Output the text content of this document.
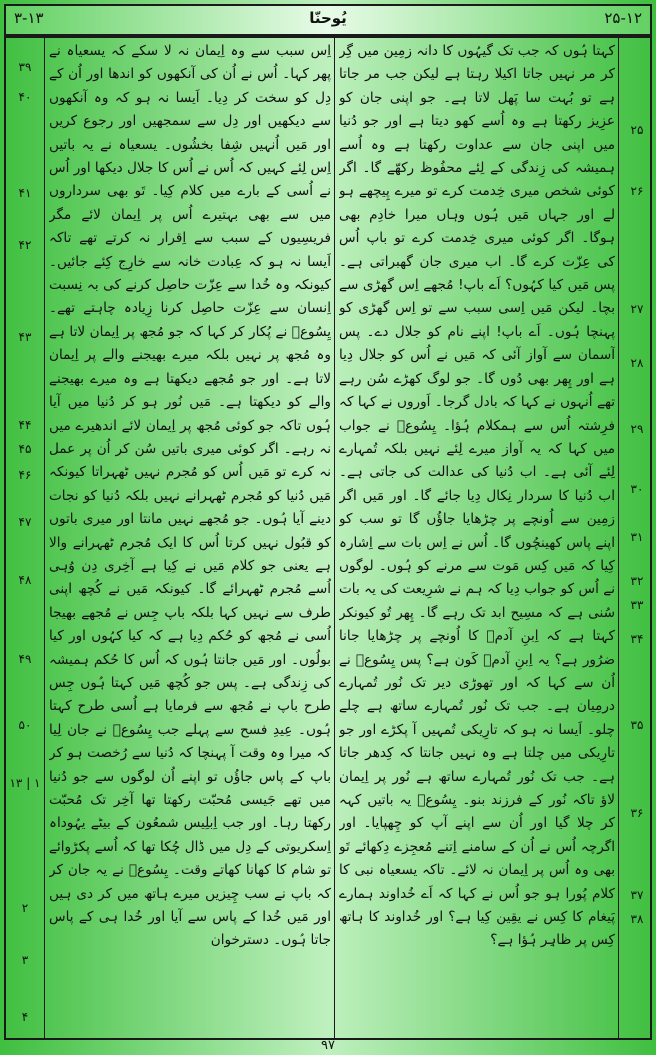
۳-۱۳	یُوحنّا	۲۵-۱۲
۳۹
۴۰
۴۱
۴۲
۴۳
۴۴
۴۵
۴۶
۴۷
۴۸
۴۹
۵۰
۱۳ | ۱
۲
۳
۴

اِس سبب سے وہ اِیمان نہ لا سکے کہ یسعیاہ نے پھر کہا۔ اُس نے اُن کی آنکھوں کو اندھا اور اُن کے دِل کو سخت کر دِیا۔ اَیسا نہ ہو کہ وہ آنکھوں سے دیکھیں اور دِل سے سمجھیں اور رجوع کریں اور مَیں اُنہیں شِفا بخشُوں۔ یسعیاہ نے یہ باتیں اِس لِئے کہیں کہ اُس نے اُس کا جلال دیکھا اور اُس نے اُسی کے بارے میں کلام کِیا۔ تَو بھی سرداروں میں سے بھی بہتیرے اُس پر اِیمان لائے مگر فریسِیوں کے سبب سے اِقرار نہ کرتے تھے تاکہ اَیسا نہ ہو کہ عِبادت خانہ سے خارِج کِئے جائیں۔ کیونکہ وہ خُدا سے عِزّت حاصِل کرنے کی بہ نِسبت اِنسان سے عِزّت حاصِل کرنا زِیادہ چاہتے تھے۔ یِسُوعؔ نے پُکار کر کہا کہ جو مُجھ پر اِیمان لاتا ہے وہ مُجھ پر نہیں بلکہ میرے بھیجنے والے پر اِیمان لاتا ہے۔ اور جو مُجھے دیکھتا ہے وہ میرے بھیجنے والے کو دیکھتا ہے۔ مَیں نُور ہو کر دُنیا میں آیا ہُوں تاکہ جو کوئی مُجھ پر اِیمان لائے اندھیرے میں نہ رہے۔ اگر کوئی میری باتیں سُن کر اُن پر عمل نہ کرے تو مَیں اُس کو مُجرم نہیں ٹھہراتا کیونکہ مَیں دُنیا کو مُجرم ٹھہرانے نہیں بلکہ دُنیا کو نجات دینے آیا ہُوں۔ جو مُجھے نہیں مانتا اور میری باتوں کو قبُول نہیں کرتا اُس کا ایک مُجرم ٹھہرانے والا ہے یعنی جو کلام مَیں نے کِیا ہے آخِری دِن وُہی اُسے مُجرم ٹھہرائے گا۔ کیونکہ مَیں نے کُچھ اپنی طرف سے نہیں کہا بلکہ باپ جِس نے مُجھے بھیجا اُسی نے مُجھ کو حُکم دِیا ہے کہ کیا کہُوں اور کیا بولُوں۔ اور مَیں جانتا ہُوں کہ اُس کا حُکم ہمیشہ کی زِندگی ہے۔ پس جو کُچھ مَیں کہتا ہُوں جِس طرح باپ نے مُجھ سے فرمایا ہے اُسی طرح کہتا ہُوں۔ عِیدِ فسح سے پہلے جب یِسُوعؔ نے جان لِیا کہ میرا وہ وقت آ پہنچا کہ دُنیا سے رُخصت ہو کر باپ کے پاس جاؤُں تو اپنے اُن لوگوں سے جو دُنیا میں تھے جَیسی مُحبّت رکھتا تھا آخِر تک مُحبّت رکھتا رہا۔ اور جب اِبلِیس شمعُون کے بیٹے یہُوداہ اِسکریوتی کے دِل میں ڈال چُکا تھا کہ اُسے پکڑوائے تو شام کا کھانا کھاتے وقت۔ یِسُوعؔ نے یہ جان کر کہ باپ نے سب چِیزیں میرے ہاتھ میں کر دی ہیں اور مَیں خُدا کے پاس سے آیا اور خُدا ہی کے پاس جاتا ہُوں۔ دسترخوان

کہتا ہُوں کہ جب تک گیہُوں کا دانہ زمِین میں گِر کر مر نہیں جاتا اکیلا رہتا ہے لیکن جب مر جاتا ہے تو بُہت سا پَھل لاتا ہے۔ جو اپنی جان کو عزِیز رکھتا ہے وہ اُسے کھو دیتا ہے اور جو دُنیا میں اپنی جان سے عداوت رکھتا ہے وہ اُسے ہمیشہ کی زِندگی کے لِئے محفُوظ رکھّے گا۔ اگر کوئی شخص میری خِدمت کرے تو میرے پِیچھے ہو لے اور جہاں مَیں ہُوں وہاں میرا خادِم بھی ہوگا۔ اگر کوئی میری خِدمت کرے تو باپ اُس کی عِزّت کرے گا۔ اب میری جان گھبراتی ہے۔ پس مَیں کیا کہُوں؟ اَے باپ! مُجھے اِس گھڑی سے بچا۔ لیکن مَیں اِسی سبب سے تو اِس گھڑی کو پہنچا ہُوں۔ اَے باپ! اپنے نام کو جلال دے۔ پس آسمان سے آواز آئی کہ مَیں نے اُس کو جلال دِیا ہے اور پِھر بھی دُوں گا۔ جو لوگ کھڑے سُن رہے تھے اُنہوں نے کہا کہ بادل گرجا۔ اَوروں نے کہا کہ فرِشتہ اُس سے ہمکلام ہُؤا۔ یِسُوعؔ نے جواب میں کہا کہ یہ آواز میرے لِئے نہیں بلکہ تُمہارے لِئے آئی ہے۔ اب دُنیا کی عدالت کی جاتی ہے۔ اب دُنیا کا سردار نِکال دِیا جائے گا۔ اور مَیں اگر زمِین سے اُونچے پر چڑھایا جاؤُں گا تو سب کو اپنے پاس کھینچُوں گا۔ اُس نے اِس بات سے اِشارہ کِیا کہ مَیں کِس مَوت سے مرنے کو ہُوں۔ لوگوں نے اُس کو جواب دِیا کہ ہم نے شرِیعت کی یہ بات سُنی ہے کہ مسِیح ابد تک رہے گا۔ پِھر تُو کیونکر کہتا ہے کہ اِبنِ آدمؔ کا اُونچے پر چڑھایا جانا ضرُور ہے؟ یہ اِبنِ آدمؔ کَون ہے؟ پس یِسُوعؔ نے اُن سے کہا کہ اور تھوڑی دیر تک نُور تُمہارے درمِیان ہے۔ جب تک نُور تُمہارے ساتھ ہے چلے چلو۔ اَیسا نہ ہو کہ تارِیکی تُمہیں آ پکڑے اور جو تارِیکی میں چلتا ہے وہ نہیں جانتا کہ کِدھر جاتا ہے۔ جب تک نُور تُمہارے ساتھ ہے نُور پر اِیمان لاؤ تاکہ نُور کے فرزند بنو۔ یِسُوعؔ یہ باتیں کہہ کر چلا گیا اور اُن سے اپنے آپ کو چِھپایا۔ اور اگرچہ اُس نے اُن کے سامنے اِتنے مُعجِزے دِکھائے تَو بھی وہ اُس پر اِیمان نہ لائے۔ تاکہ یسعیاہ نبی کا کلام پُورا ہو جو اُس نے کہا کہ اَے خُداوند ہمارے پَیغام کا کِس نے یقِین کِیا ہے؟ اور خُداوند کا ہاتھ کِس پر ظاہِر ہُؤا ہے؟

۲۵
۲۶
۲۷
۲۸
۲۹
۳۰
۳۱
۳۲
۳۳
۳۴
۳۵
۳۶
۳۷
۳۸
۹۷
